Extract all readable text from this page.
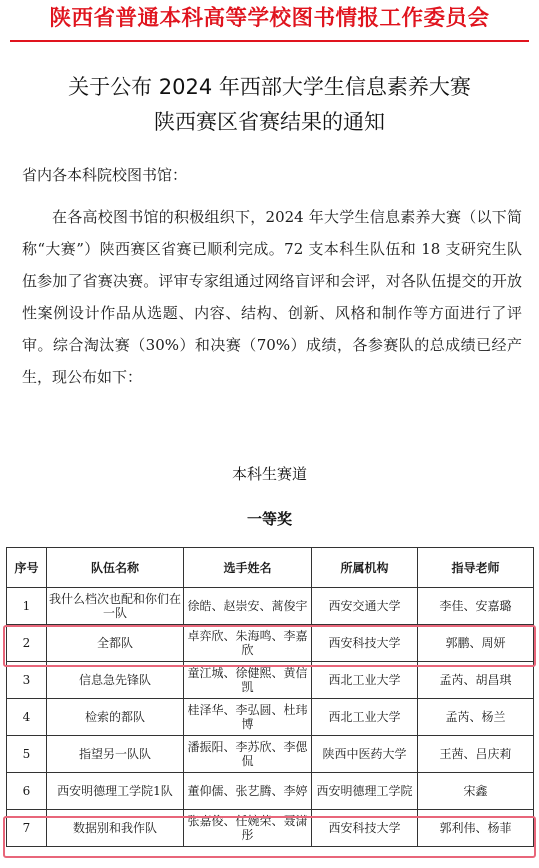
陕西省普通本科高等学校图书情报工作委员会
关于公布 2024 年西部大学生信息素养大赛
陕西赛区省赛结果的通知
省内各本科院校图书馆：
在各高校图书馆的积极组织下，2024 年大学生信息素养大赛（以下简称“大赛”）陕西赛区省赛已顺利完成。72 支本科生队伍和 18 支研究生队伍参加了省赛决赛。评审专家组通过网络盲评和会评，对各队伍提交的开放性案例设计作品从选题、内容、结构、创新、风格和制作等方面进行了评审。综合淘汰赛（30%）和决赛（70%）成绩，各参赛队的总成绩已经产生，现公布如下：
本科生赛道
一等奖
序号	队伍名称	选手姓名	所属机构	指导老师
1	我什么档次也配和你们在一队	徐皓、赵崇安、蒿俊宇	西安交通大学	李佳、安嘉璐
2	全都队	卓弈欣、朱海鸣、李嘉欣	西安科技大学	郭鹏、周妍
3	信息急先锋队	童江城、徐健熙、黄信凯	西北工业大学	孟芮、胡昌琪
4	检索的都队	桂泽华、李弘圆、杜玮博	西北工业大学	孟芮、杨兰
5	指望另一队队	潘振阳、李苏欣、李偲侃	陕西中医药大学	王茜、吕庆莉
6	西安明德理工学院1队	董仰儒、张艺腾、李婷	西安明德理工学院	宋鑫
7	数据别和我作队	张嘉俊、任婉荣、聂潇彤	西安科技大学	郭利伟、杨菲
